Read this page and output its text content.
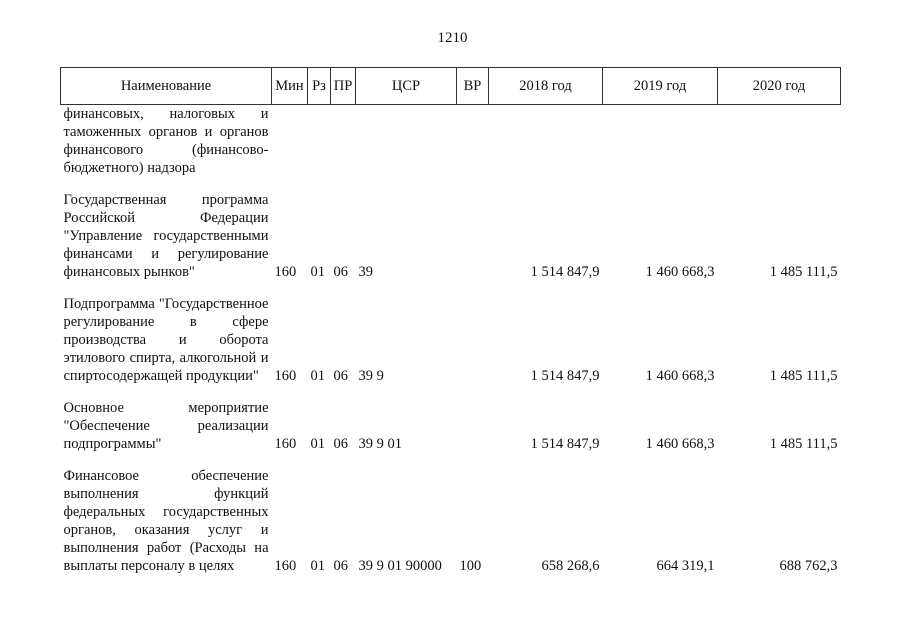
1210
Наименование	Мин	Рз	ПР	ЦСР	ВР	2018 год	2019 год	2020 год
финансовых, налоговых и таможенных органов и органов финансового (финансово-бюджетного) надзора								
Государственная программа Российской Федерации "Управление государственными финансами и регулирование финансовых рынков"	160	01	06	39		1 514 847,9	1 460 668,3	1 485 111,5
Подпрограмма "Государственное регулирование в сфере производства и оборота этилового спирта, алкогольной и спиртосодержащей продукции"	160	01	06	39 9		1 514 847,9	1 460 668,3	1 485 111,5
Основное мероприятие "Обеспечение реализации подпрограммы"	160	01	06	39 9 01		1 514 847,9	1 460 668,3	1 485 111,5
Финансовое обеспечение выполнения функций федеральных государственных органов, оказания услуг и выполнения работ (Расходы на выплаты персоналу в целях	160	01	06	39 9 01 90000	100	658 268,6	664 319,1	688 762,3
